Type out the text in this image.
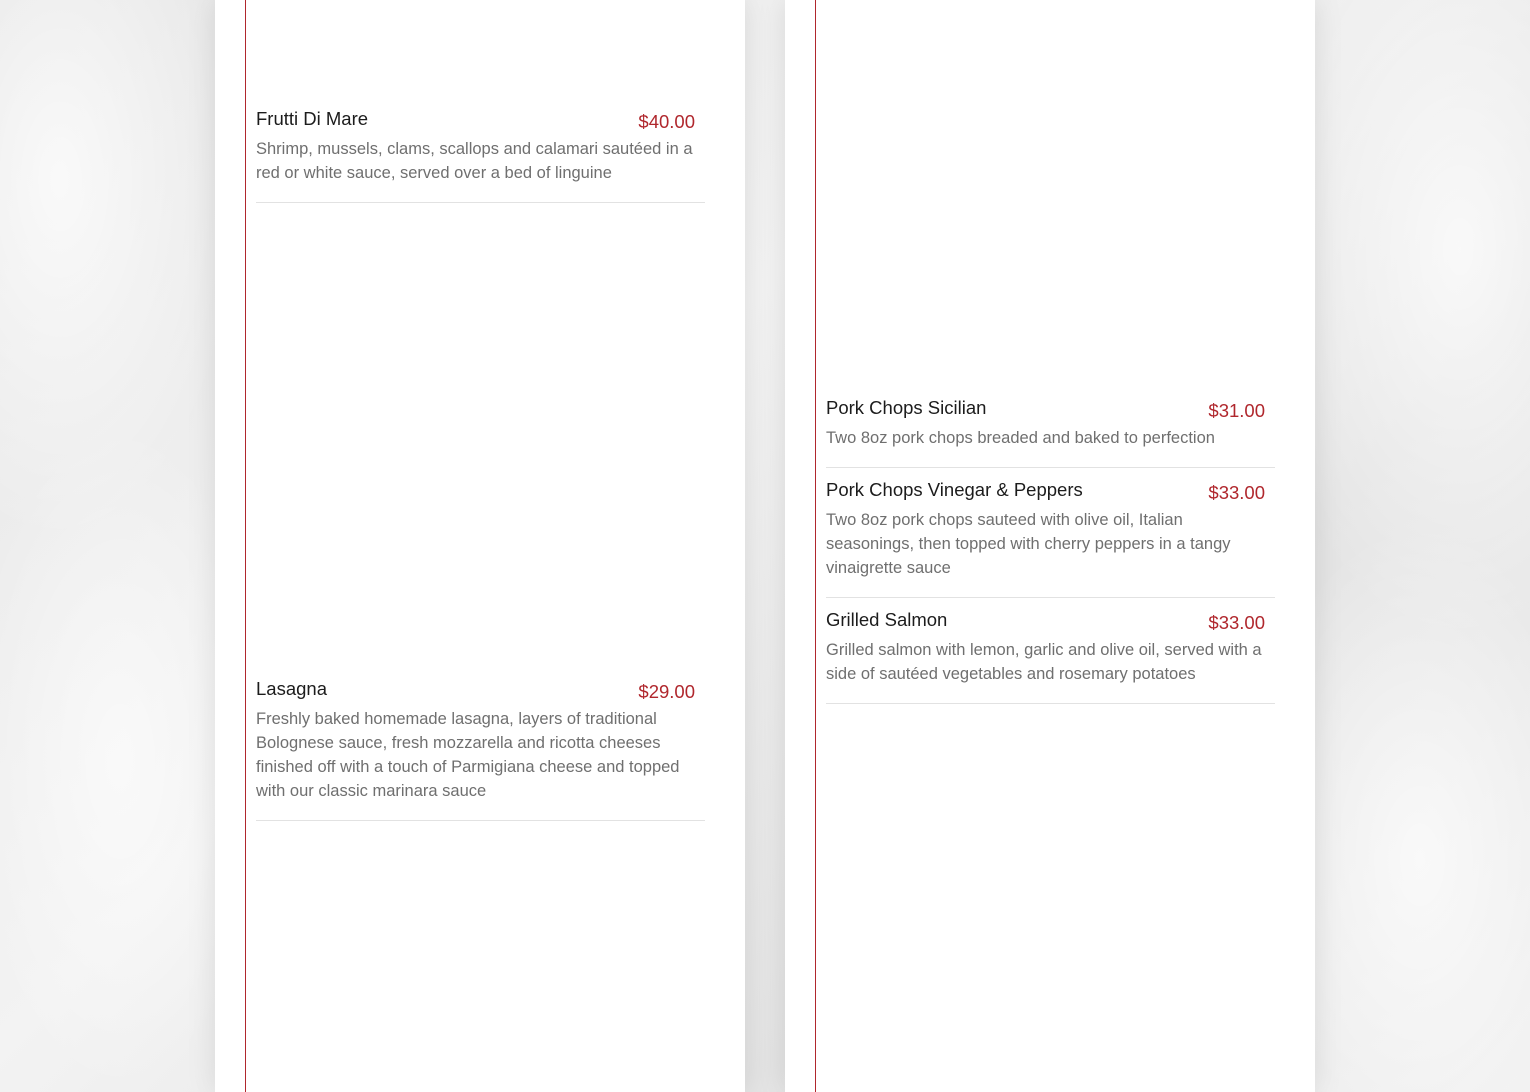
Frutti Di Mare	$40.00

Shrimp, mussels, clams, scallops and calamari sautéed in a red or white sauce, served over a bed of linguine

Lasagna	$29.00

Freshly baked homemade lasagna, layers of traditional Bolognese sauce, fresh mozzarella and ricotta cheeses finished off with a touch of Parmigiana cheese and topped with our classic marinara sauce

Pork Chops Sicilian	$31.00

Two 8oz pork chops breaded and baked to perfection

Pork Chops Vinegar & Peppers	$33.00

Two 8oz pork chops sauteed with olive oil, Italian seasonings, then topped with cherry peppers in a tangy vinaigrette sauce

Grilled Salmon	$33.00

Grilled salmon with lemon, garlic and olive oil, served with a side of sautéed vegetables and rosemary potatoes
